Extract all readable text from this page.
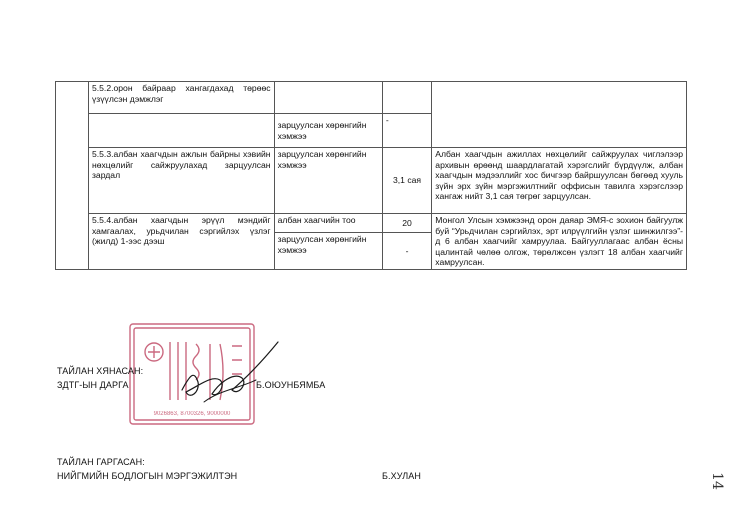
	5.5.2.орон байраар хангагдахад төрөөс үзүүлсэн дэмжлэг			
		зарцуулсан хөрөнгийн хэмжээ	-	
	5.5.3.албан хаагчдын ажлын байрны хэвийн нөхцөлийг сайжруулахад зарцуулсан зардал	зарцуулсан хөрөнгийн хэмжээ	3,1 сая	Албан хаагчдын ажиллах нөхцөлийг сайжруулах чиглэлээр архивын өрөөнд шаардлагатай хэрэгслийг бүрдүүлж, албан хаагчдын мэдээллийг хос бичгээр байршуулсан бөгөөд хууль зүйн эрх зүйн мэргэжилтнийг оффисын тавилга хэрэгслээр хангаж нийт 3,1 сая төгрөг зарцуулсан.
	5.5.4.албан хаагчдын эрүүл мэндийг хамгаалах, урьдчилан сэргийлэх үзлэг (жилд) 1-ээс дээш	албан хаагчийн тоо	20	Монгол Улсын хэмжээнд орон даяар ЭМЯ-с зохион байгуулж буй “Урьдчилан сэргийлэх, эрт илрүүлгийн үзлэг шинжилгээ”-д 6 албан хаагчийг хамруулаа. Байгууллагаас албан ёсны цалинтай чөлөө олгож, төрөлжсөн үзлэгт 18 албан хаагчийг хамруулсан.
		зарцуулсан хөрөнгийн хэмжээ	-	
9026863, 8700326, 9000000
ТАЙЛАН ХЯНАСАН:
ЗДТГ-ЫН ДАРГА	Б.ОЮУНБЯМБА
ТАЙЛАН ГАРГАСАН:
НИЙГМИЙН БОДЛОГЫН МЭРГЭЖИЛТЭН	Б.ХУЛАН	14
